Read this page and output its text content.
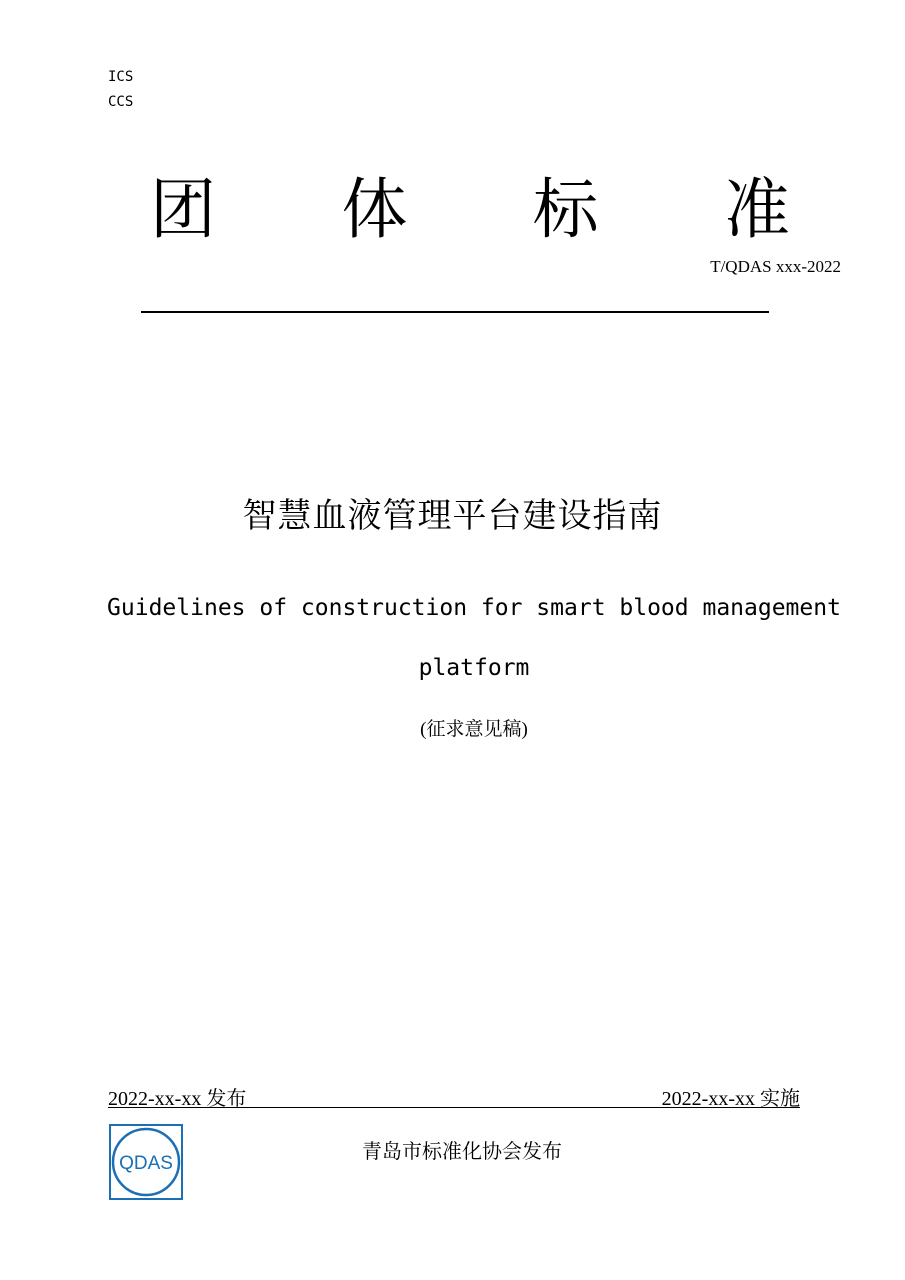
ICS
CCS
团 体 标 准
T/QDAS xxx-2022
智慧血液管理平台建设指南
Guidelines of construction for smart blood management
platform
(征求意见稿)
2022-xx-xx 发布	2022-xx-xx 实施
QDAS
青岛市标准化协会发布
